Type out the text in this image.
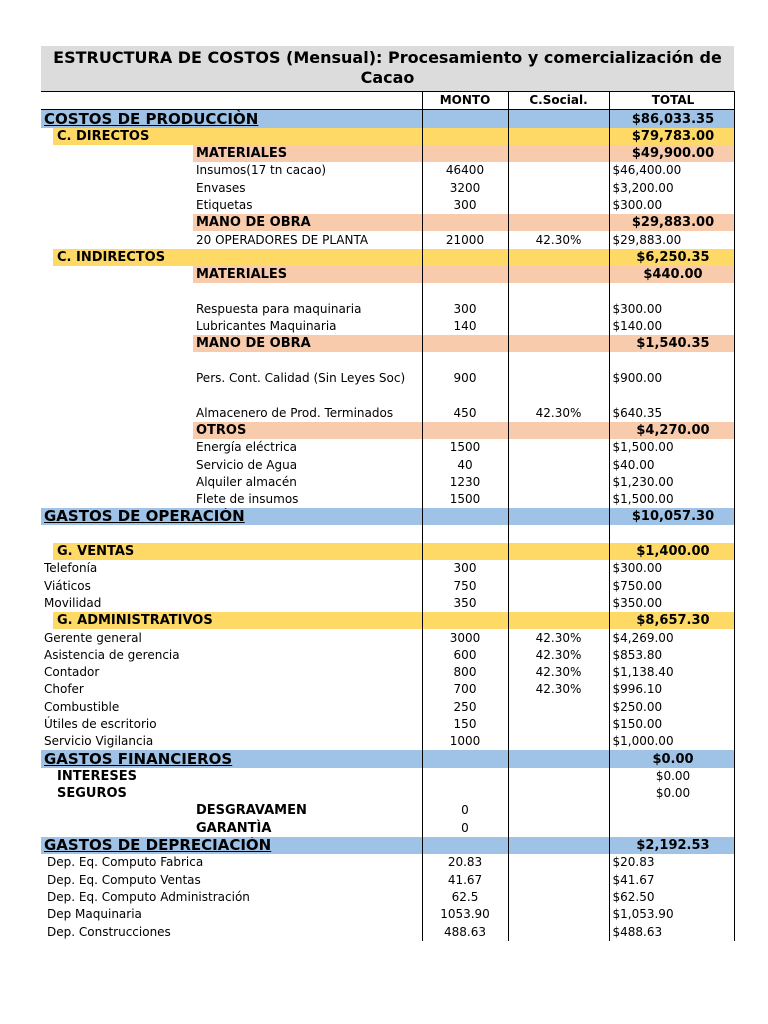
ESTRUCTURA DE COSTOS (Mensual): Procesamiento y comercialización de Cacao
		MONTO	C.Social.	TOTAL
COSTOS DE PRODUCCIÒN				$86,033.35
C. DIRECTOS				$79,783.00
	MATERIALES			$49,900.00
	Insumos(17 tn cacao)	46400		$46,400.00
	Envases	3200		$3,200.00
	Etiquetas	300		$300.00
	MANO DE OBRA			$29,883.00
	20 OPERADORES DE PLANTA	21000	42.30%	$29,883.00
C. INDIRECTOS				$6,250.35
	MATERIALES			$440.00
	Respuesta para maquinaria	300		$300.00
	Lubricantes Maquinaria	140		$140.00
	MANO DE OBRA			$1,540.35
	Pers. Cont. Calidad (Sin Leyes Soc)	900		$900.00
	Almacenero de Prod. Terminados	450	42.30%	$640.35
	OTROS			$4,270.00
	Energía eléctrica	1500		$1,500.00
	Servicio de Agua	40		$40.00
	Alquiler almacén	1230		$1,230.00
	Flete de insumos	1500		$1,500.00
GASTOS DE OPERACIÒN				$10,057.30

G. VENTAS				$1,400.00
Telefonía		300		$300.00
Viáticos		750		$750.00
Movilidad		350		$350.00
G. ADMINISTRATIVOS				$8,657.30
Gerente general		3000	42.30%	$4,269.00
Asistencia de gerencia		600	42.30%	$853.80
Contador		800	42.30%	$1,138.40
Chofer		700	42.30%	$996.10
Combustible		250		$250.00
Útiles de escritorio		150		$150.00
Servicio Vigilancia		1000		$1,000.00
GASTOS FINANCIEROS				$0.00
INTERESES				$0.00
SEGUROS				$0.00
	DESGRAVAMEN	0		
	GARANTÌA	0		
GASTOS DE DEPRECIACIÒN				$2,192.53
Dep. Eq. Computo Fabrica		20.83		$20.83
Dep. Eq. Computo Ventas		41.67		$41.67
Dep. Eq. Computo Administración		62.5		$62.50
Dep Maquinaria		1053.90		$1,053.90
Dep. Construcciones		488.63		$488.63
